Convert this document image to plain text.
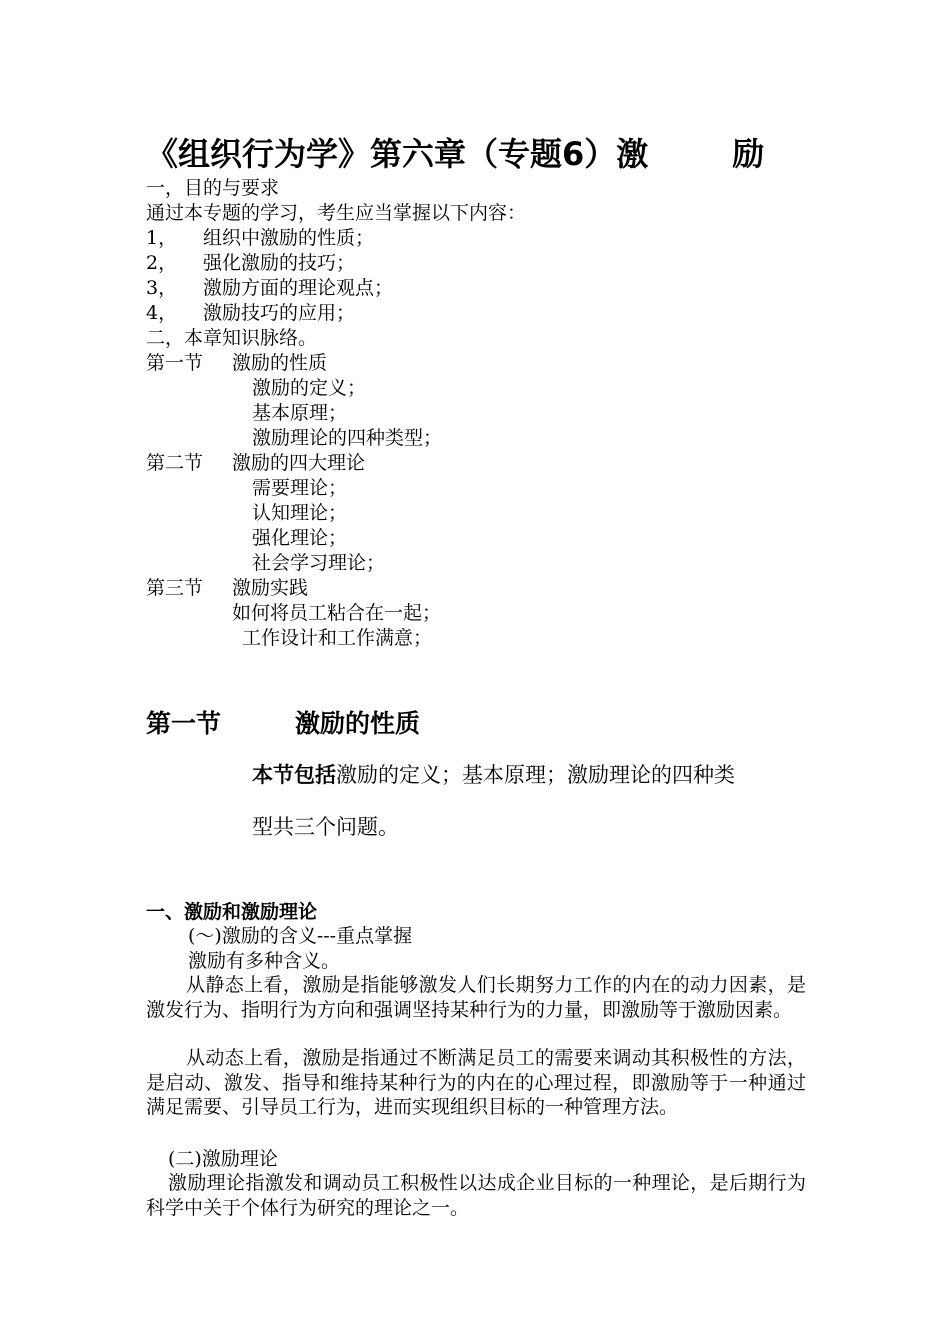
《组织行为学》第六章（专题6）激	励
一，目的与要求
通过本专题的学习，考生应当掌握以下内容：
1， 组织中激励的性质；
2， 强化激励的技巧；
3， 激励方面的理论观点；
4， 激励技巧的应用；
二，本章知识脉络。
第一节 激励的性质
激励的定义；
基本原理；
激励理论的四种类型；
第二节 激励的四大理论
需要理论；
认知理论；
强化理论；
社会学习理论；
第三节 激励实践
如何将员工粘合在一起；
工作设计和工作满意；
第一节	激励的性质
本节包括激励的定义；基本原理；激励理论的四种类
型共三个问题。
一、激励和激励理论
(～)激励的含义---重点掌握
激励有多种含义。
从静态上看，激励是指能够激发人们长期努力工作的内在的动力因素，是激发行为、指明行为方向和强调坚持某种行为的力量，即激励等于激励因素。
从动态上看，激励是指通过不断满足员工的需要来调动其积极性的方法，是启动、激发、指导和维持某种行为的内在的心理过程，即激励等于一种通过满足需要、引导员工行为，进而实现组织目标的一种管理方法。
(二)激励理论
激励理论指激发和调动员工积极性以达成企业目标的一种理论，是后期行为科学中关于个体行为研究的理论之一。
